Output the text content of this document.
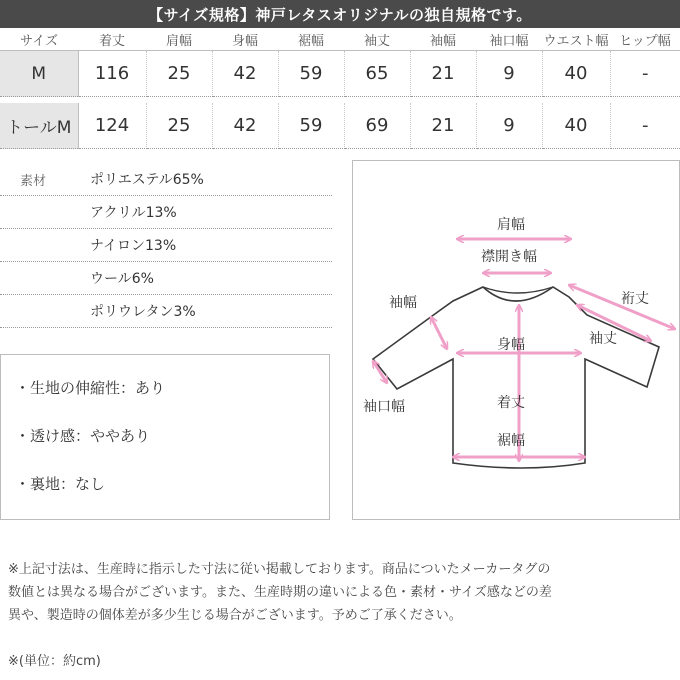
【サイズ規格】神戸レタスオリジナルの独自規格です。
サイズ	着丈	肩幅	身幅	裾幅	袖丈	袖幅	袖口幅	ウエスト幅	ヒップ幅
M	116	25	42	59	65	21	9	40	-

トールM	124	25	42	59	69	21	9	40	-
素材	ポリエステル65%
アクリル13%
ナイロン13%
ウール6%
ポリウレタン3%
・生地の伸縮性：あり
・透け感：ややあり
・裏地：なし
肩幅
襟開き幅
裄丈
袖幅
袖丈
身幅
袖口幅	着丈
裾幅
※上記寸法は、生産時に指示した寸法に従い掲載しております。商品についたメーカータグの
数値とは異なる場合がございます。また、生産時期の違いによる色・素材・サイズ感などの差
異や、製造時の個体差が多少生じる場合がございます。予めご了承ください。
※(単位：約cm)
